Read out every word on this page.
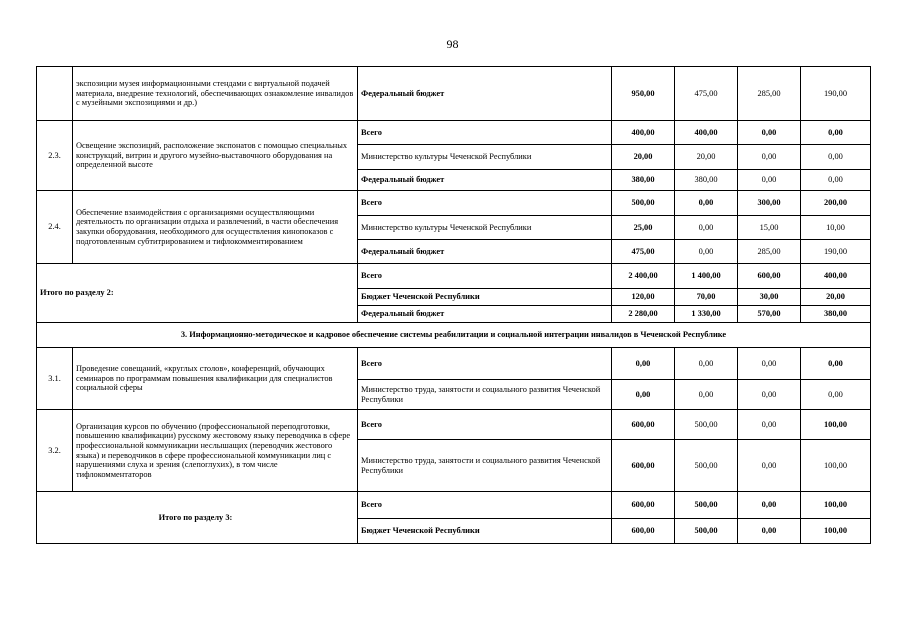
98
	экспозиции музея информационными стендами с виртуальной подачей материала, внедрение технологий, обеспечивающих ознакомление инвалидов с музейными экспозициями и др.)	Федеральный бюджет	950,00	475,00	285,00	190,00
2.3.	Освещение экспозиций, расположение экспонатов с помощью специальных конструкций, витрин и другого музейно-выставочного оборудования на определенной высоте	Всего	400,00	400,00	0,00	0,00
		Министерство культуры Чеченской Республики	20,00	20,00	0,00	0,00
		Федеральный бюджет	380,00	380,00	0,00	0,00
2.4.	Обеспечение взаимодействия с организациями осуществляющими деятельность по организации отдыха и развлечений, в части обеспечения закупки оборудования, необходимого для осуществления кинопоказов с подготовленным субтитрированием и тифлокомментированием	Всего	500,00	0,00	300,00	200,00
		Министерство культуры Чеченской Республики	25,00	0,00	15,00	10,00
		Федеральный бюджет	475,00	0,00	285,00	190,00
Итого по разделу 2:		Всего	2 400,00	1 400,00	600,00	400,00
		Бюджет Чеченской Республики	120,00	70,00	30,00	20,00
		Федеральный бюджет	2 280,00	1 330,00	570,00	380,00
3. Информационно-методическое и кадровое обеспечение системы реабилитации и социальной интеграции инвалидов в Чеченской Республике						
3.1.	Проведение совещаний, «круглых столов», конференций, обучающих семинаров по программам повышения квалификации для специалистов социальной сферы	Всего	0,00	0,00	0,00	0,00
		Министерство труда, занятости и социального развития Чеченской Республики	0,00	0,00	0,00	0,00
3.2.	Организация курсов по обучению (профессиональной переподготовки, повышению квалификации) русскому жестовому языку переводчика в сфере профессиональной коммуникации неслышащих (переводчик жестового языка) и переводчиков в сфере профессиональной коммуникации лиц с нарушениями слуха и зрения (слепоглухих), в том числе тифлокомментаторов	Всего	600,00	500,00	0,00	100,00
		Министерство труда, занятости и социального развития Чеченской Республики	600,00	500,00	0,00	100,00
Итого по разделу 3:		Всего	600,00	500,00	0,00	100,00
		Бюджет Чеченской Республики	600,00	500,00	0,00	100,00
